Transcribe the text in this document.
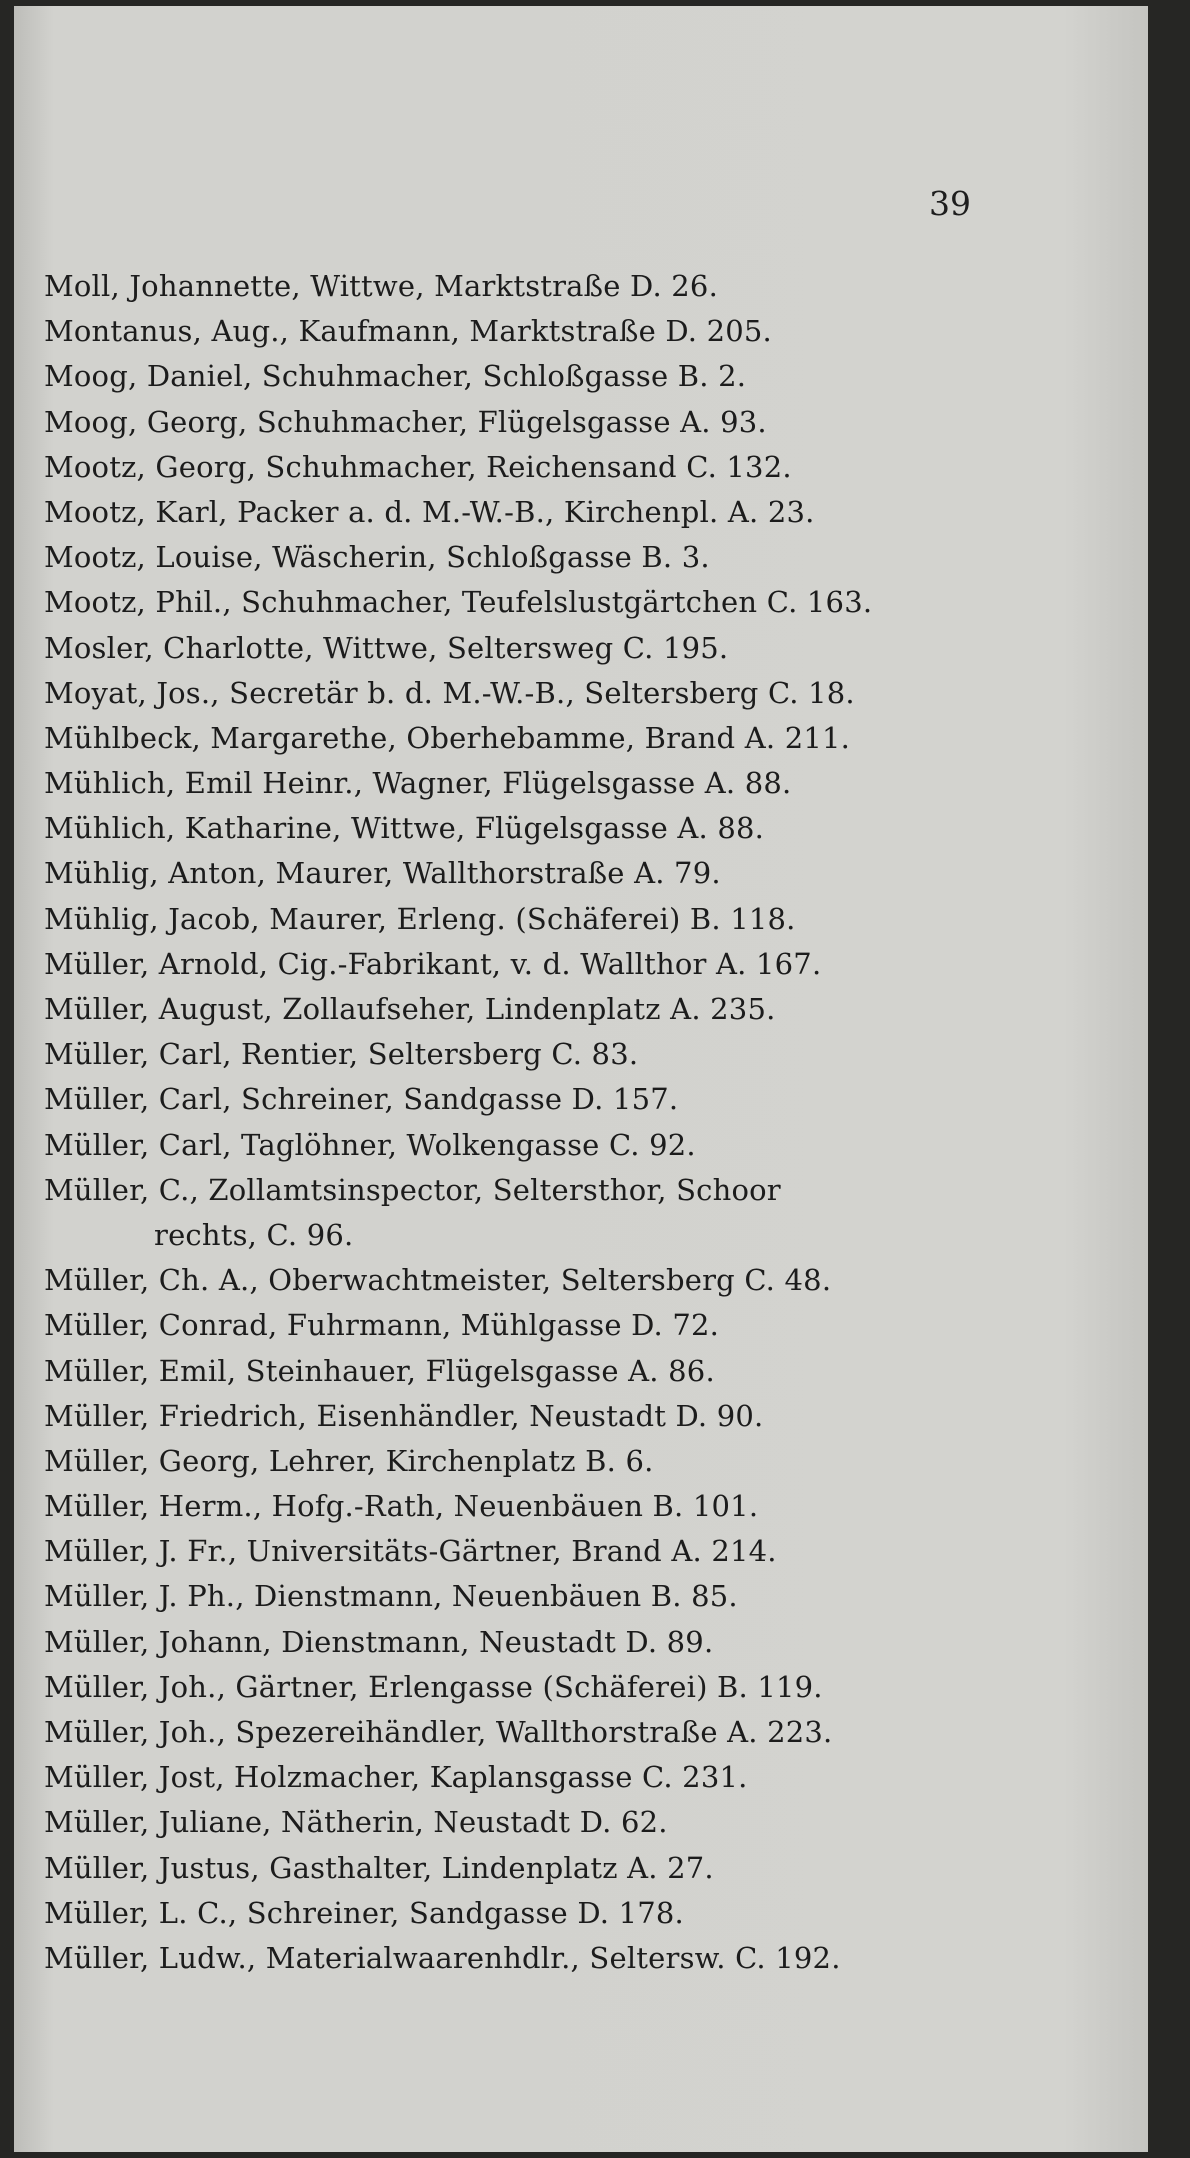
39

Moll, Johannette, Wittwe, Marktstraße D. 26.
Montanus, Aug., Kaufmann, Marktstraße D. 205.
Moog, Daniel, Schuhmacher, Schloßgasse B. 2.
Moog, Georg, Schuhmacher, Flügelsgasse A. 93.
Mootz, Georg, Schuhmacher, Reichensand C. 132.
Mootz, Karl, Packer a. d. M.-W.-B., Kirchenpl. A. 23.
Mootz, Louise, Wäscherin, Schloßgasse B. 3.
Mootz, Phil., Schuhmacher, Teufelslustgärtchen C. 163.
Mosler, Charlotte, Wittwe, Seltersweg C. 195.
Moyat, Jos., Secretär b. d. M.-W.-B., Seltersberg C. 18.
Mühlbeck, Margarethe, Oberhebamme, Brand A. 211.
Mühlich, Emil Heinr., Wagner, Flügelsgasse A. 88.
Mühlich, Katharine, Wittwe, Flügelsgasse A. 88.
Mühlig, Anton, Maurer, Wallthorstraße A. 79.
Mühlig, Jacob, Maurer, Erleng. (Schäferei) B. 118.
Müller, Arnold, Cig.-Fabrikant, v. d. Wallthor A. 167.
Müller, August, Zollaufseher, Lindenplatz A. 235.
Müller, Carl, Rentier, Seltersberg C. 83.
Müller, Carl, Schreiner, Sandgasse D. 157.
Müller, Carl, Taglöhner, Wolkengasse C. 92.
Müller, C., Zollamtsinspector, Seltersthor, Schoor
rechts, C. 96.
Müller, Ch. A., Oberwachtmeister, Seltersberg C. 48.
Müller, Conrad, Fuhrmann, Mühlgasse D. 72.
Müller, Emil, Steinhauer, Flügelsgasse A. 86.
Müller, Friedrich, Eisenhändler, Neustadt D. 90.
Müller, Georg, Lehrer, Kirchenplatz B. 6.
Müller, Herm., Hofg.-Rath, Neuenbäuen B. 101.
Müller, J. Fr., Universitäts-Gärtner, Brand A. 214.
Müller, J. Ph., Dienstmann, Neuenbäuen B. 85.
Müller, Johann, Dienstmann, Neustadt D. 89.
Müller, Joh., Gärtner, Erlengasse (Schäferei) B. 119.
Müller, Joh., Spezereihändler, Wallthorstraße A. 223.
Müller, Jost, Holzmacher, Kaplansgasse C. 231.
Müller, Juliane, Nätherin, Neustadt D. 62.
Müller, Justus, Gasthalter, Lindenplatz A. 27.
Müller, L. C., Schreiner, Sandgasse D. 178.
Müller, Ludw., Materialwaarenhdlr., Seltersw. C. 192.
